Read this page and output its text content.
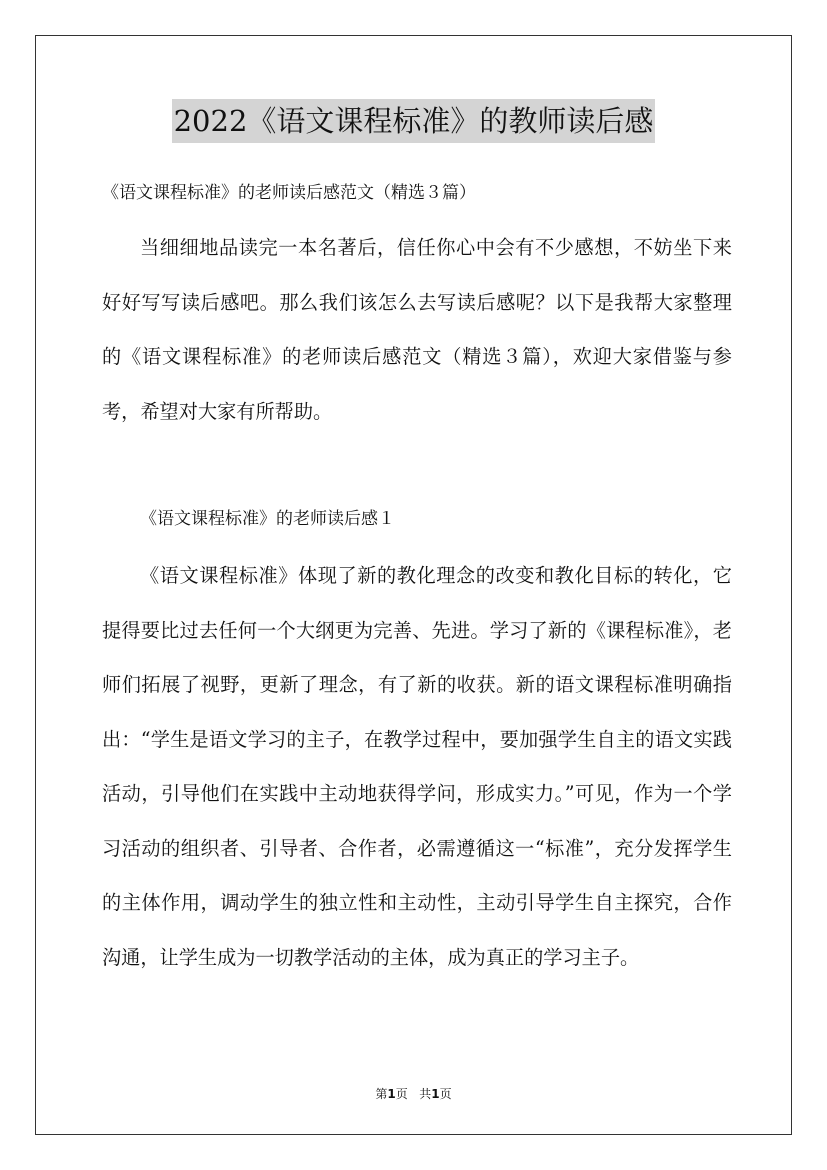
2022《语文课程标准》的教师读后感
《语文课程标准》的老师读后感范文（精选３篇）

当细细地品读完一本名著后，信任你心中会有不少感想，不妨坐下来好好写写读后感吧。那么我们该怎么去写读后感呢？以下是我帮大家整理的《语文课程标准》的老师读后感范文（精选３篇），欢迎大家借鉴与参考，希望对大家有所帮助。

《语文课程标准》的老师读后感１

《语文课程标准》体现了新的教化理念的改变和教化目标的转化，它提得要比过去任何一个大纲更为完善、先进。学习了新的《课程标准》，老师们拓展了视野，更新了理念，有了新的收获。新的语文课程标准明确指出：“学生是语文学习的主子，在教学过程中，要加强学生自主的语文实践活动，引导他们在实践中主动地获得学问，形成实力。”可见，作为一个学习活动的组织者、引导者、合作者，必需遵循这一“标准”，充分发挥学生的主体作用，调动学生的独立性和主动性，主动引导学生自主探究，合作沟通，让学生成为一切教学活动的主体，成为真正的学习主子。

第1页 共1页
